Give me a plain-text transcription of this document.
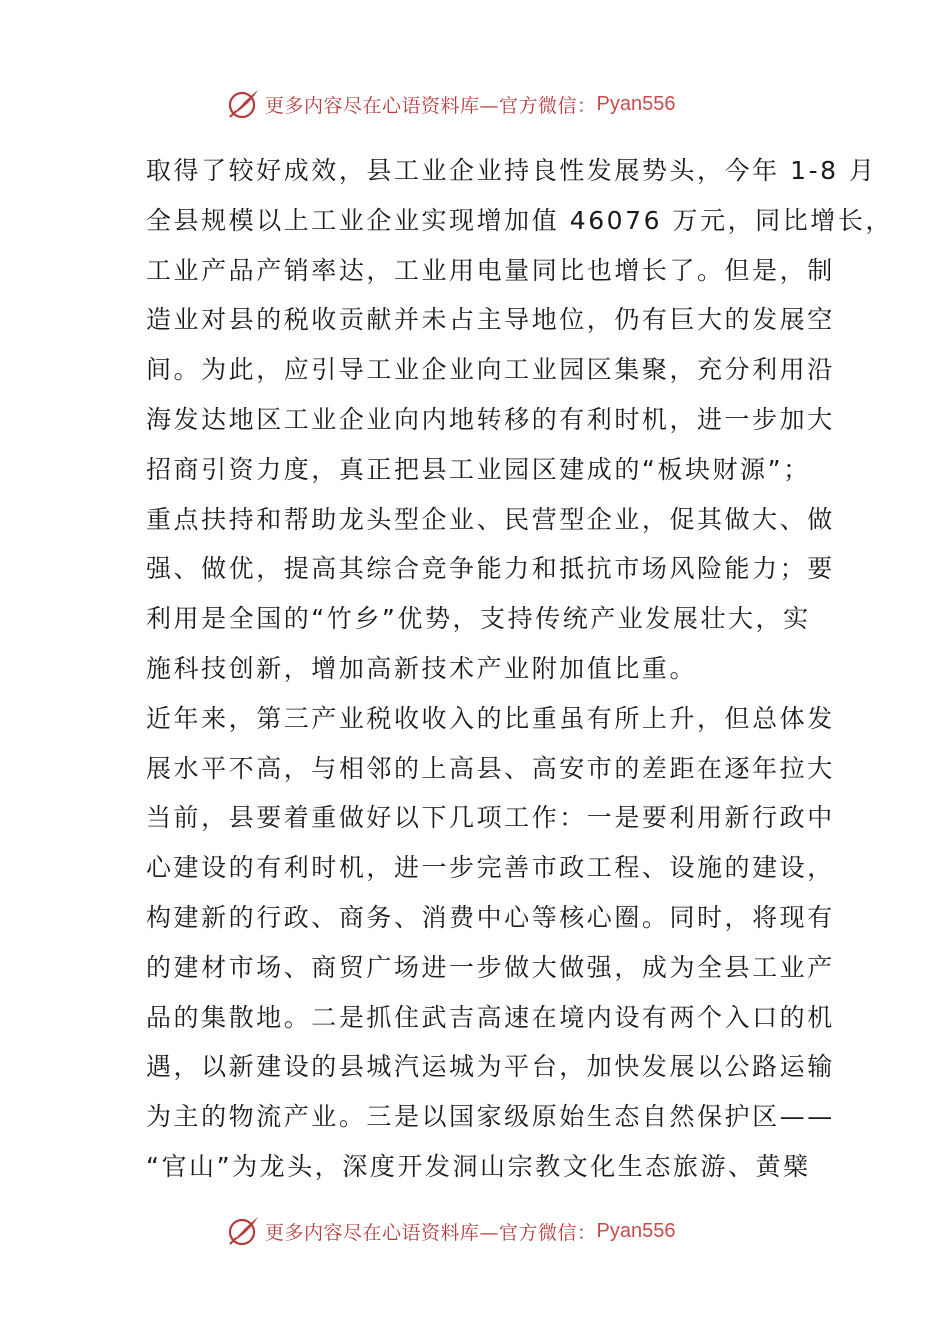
更多内容尽在心语资料库—官方微信： Pyan556
取得了较好成效，县工业企业持良性发展势头，今年 1-8 月
全县规模以上工业企业实现增加值 46076 万元，同比增长，
工业产品产销率达，工业用电量同比也增长了。但是，制
造业对县的税收贡献并未占主导地位，仍有巨大的发展空
间。为此，应引导工业企业向工业园区集聚，充分利用沿
海发达地区工业企业向内地转移的有利时机，进一步加大
招商引资力度，真正把县工业园区建成的“板块财源”；
重点扶持和帮助龙头型企业、民营型企业，促其做大、做
强、做优，提高其综合竞争能力和抵抗市场风险能力；要
利用是全国的“竹乡”优势，支持传统产业发展壮大，实
施科技创新，增加高新技术产业附加值比重。
近年来，第三产业税收收入的比重虽有所上升，但总体发
展水平不高，与相邻的上高县、高安市的差距在逐年拉大
当前，县要着重做好以下几项工作：一是要利用新行政中
心建设的有利时机，进一步完善市政工程、设施的建设，
构建新的行政、商务、消费中心等核心圈。同时，将现有
的建材市场、商贸广场进一步做大做强，成为全县工业产
品的集散地。二是抓住武吉高速在境内设有两个入口的机
遇，以新建设的县城汽运城为平台，加快发展以公路运输
为主的物流产业。三是以国家级原始生态自然保护区——
“官山”为龙头，深度开发洞山宗教文化生态旅游、黄檗
更多内容尽在心语资料库—官方微信： Pyan556
